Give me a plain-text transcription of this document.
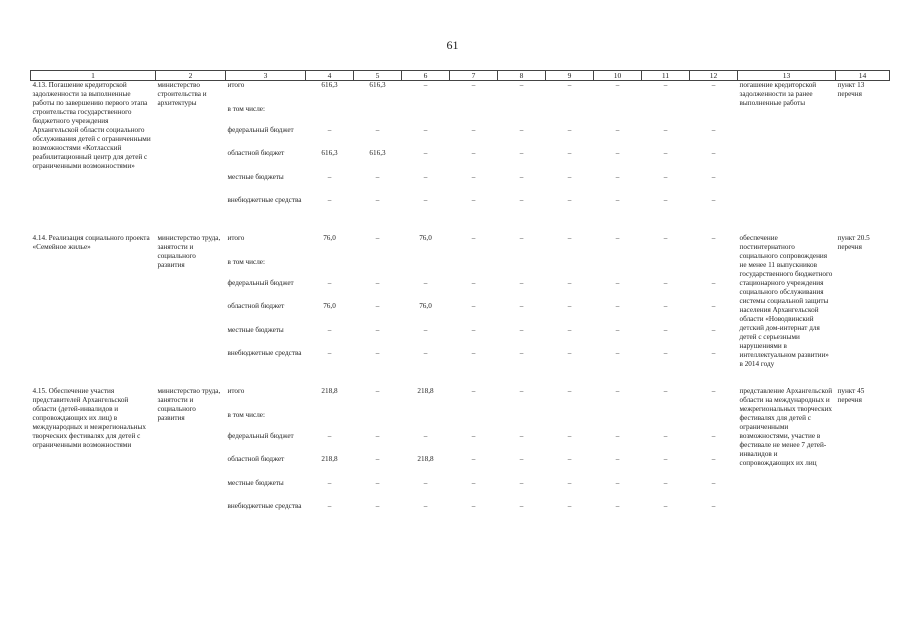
61
1	2	3	4	5	6	7	8	9	10	11	12	13	14
4.13. Погашение кредиторской задолженности за выполненные работы по завершению первого этапа строительства государственного бюджетного учреждения Архангельской области социального обслуживания детей с ограниченными возможностями «Котласский реабилитационный центр для детей с ограниченными возможностями»	министерство строительства и архитектуры	итого	616,3	616,3	–	–	–	–	–	–	–	погашение кредиторской задолженности за ранее выполненные работы	пункт 13 перечня
		в том числе:											
		федеральный бюджет	–	–	–	–	–	–	–	–	–		
		областной бюджет	616,3	616,3	–	–	–	–	–	–	–		
		местные бюджеты	–	–	–	–	–	–	–	–	–		
		внебюджетные средства	–	–	–	–	–	–	–	–	–		

4.14. Реализация социального проекта «Семейное жилье»	министерство труда, занятости и социального развития	итого	76,0	–	76,0	–	–	–	–	–	–	обеспечение постинтернатного социального сопровождения не менее 11 выпускников государственного бюджетного стационарного учреждения социального обслуживания системы социальной защиты населения Архангельской области «Новодвинский детский дом-интернат для детей с серьезными нарушениями в интеллектуальном развитии» в 2014 году	пункт 20.5 перечня
		в том числе:											
		федеральный бюджет	–	–	–	–	–	–	–	–	–		
		областной бюджет	76,0	–	76,0	–	–	–	–	–	–		
		местные бюджеты	–	–	–	–	–	–	–	–	–		
		внебюджетные средства	–	–	–	–	–	–	–	–	–		

4.15. Обеспечение участия представителей Архангельской области (детей-инвалидов и сопровождающих их лиц) в международных и межрегиональных творческих фестивалях для детей с ограниченными возможностями	министерство труда, занятости и социального развития	итого	218,8	–	218,8	–	–	–	–	–	–	представление Архангельской области на международных и межрегиональных творческих фестивалях для детей с ограниченными возможностями, участие в фестивале не менее 7 детей-инвалидов и сопровождающих их лиц	пункт 45 перечня
		в том числе:											
		федеральный бюджет	–	–	–	–	–	–	–	–	–		
		областной бюджет	218,8	–	218,8	–	–	–	–	–	–		
		местные бюджеты	–	–	–	–	–	–	–	–	–		
		внебюджетные средства	–	–	–	–	–	–	–	–	–		
